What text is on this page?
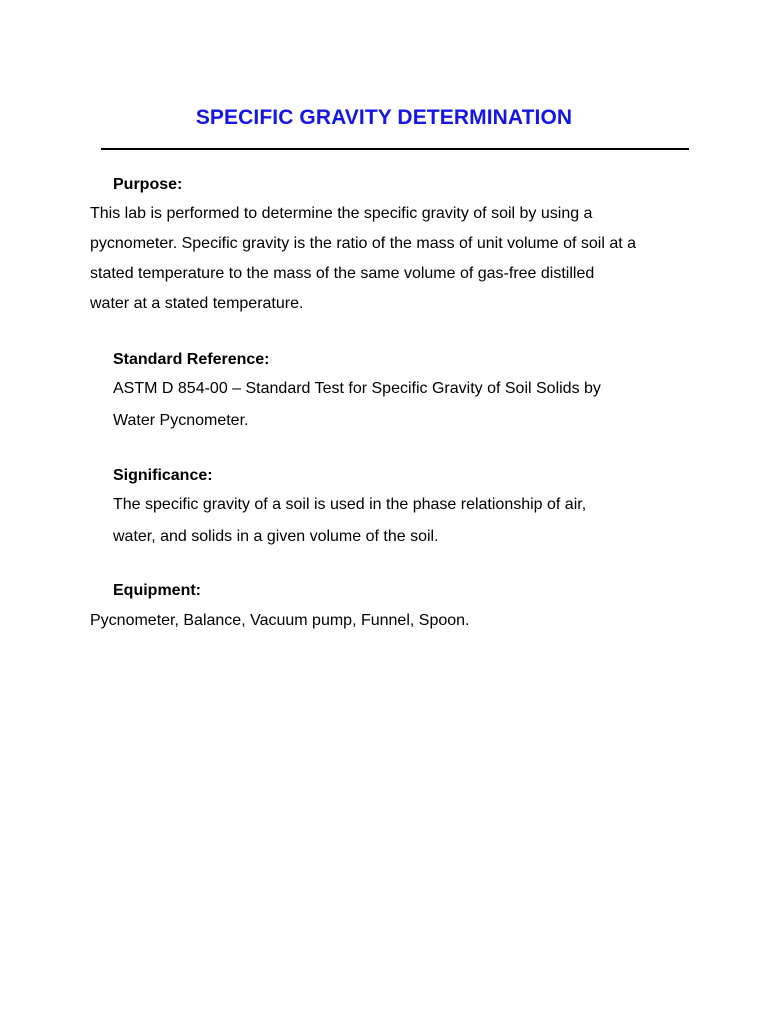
SPECIFIC GRAVITY DETERMINATION

Purpose:

This lab is performed to determine the specific gravity of soil by using a

pycnometer. Specific gravity is the ratio of the mass of unit volume of soil at a

stated temperature to the mass of the same volume of gas-free distilled

water at a stated temperature.

Standard Reference:

ASTM D 854-00 – Standard Test for Specific Gravity of Soil Solids by

Water Pycnometer.

Significance:

The specific gravity of a soil is used in the phase relationship of air,

water, and solids in a given volume of the soil.

Equipment:

Pycnometer, Balance, Vacuum pump, Funnel, Spoon.
